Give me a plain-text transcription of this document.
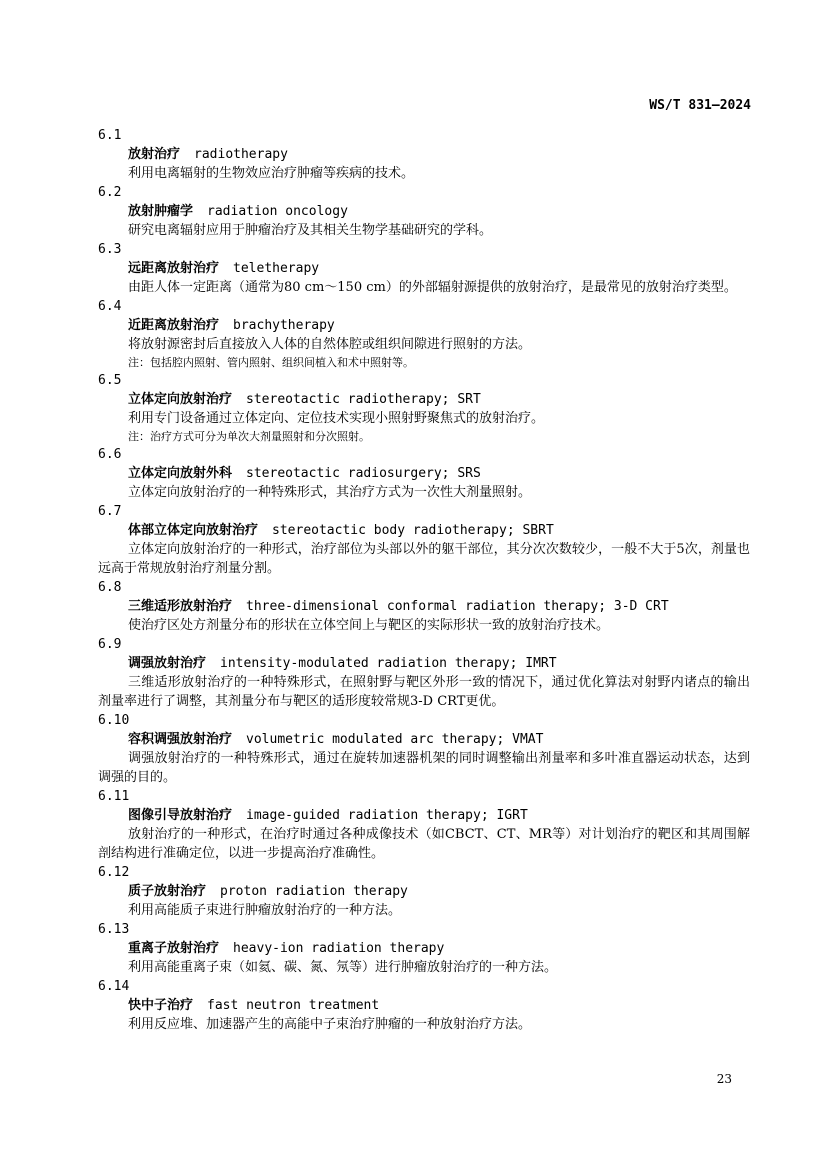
WS/T 831—2024
6.1
放射治疗 radiotherapy
利用电离辐射的生物效应治疗肿瘤等疾病的技术。
6.2
放射肿瘤学 radiation oncology
研究电离辐射应用于肿瘤治疗及其相关生物学基础研究的学科。
6.3
远距离放射治疗 teletherapy
由距人体一定距离（通常为80 cm～150 cm）的外部辐射源提供的放射治疗，是最常见的放射治疗类型。
6.4
近距离放射治疗 brachytherapy
将放射源密封后直接放入人体的自然体腔或组织间隙进行照射的方法。
注：包括腔内照射、管内照射、组织间植入和术中照射等。
6.5
立体定向放射治疗 stereotactic radiotherapy; SRT
利用专门设备通过立体定向、定位技术实现小照射野聚焦式的放射治疗。
注：治疗方式可分为单次大剂量照射和分次照射。
6.6
立体定向放射外科 stereotactic radiosurgery; SRS
立体定向放射治疗的一种特殊形式，其治疗方式为一次性大剂量照射。
6.7
体部立体定向放射治疗 stereotactic body radiotherapy; SBRT
立体定向放射治疗的一种形式，治疗部位为头部以外的躯干部位，其分次次数较少，一般不大于5次，剂量也远高于常规放射治疗剂量分割。
6.8
三维适形放射治疗 three-dimensional conformal radiation therapy; 3-D CRT
使治疗区处方剂量分布的形状在立体空间上与靶区的实际形状一致的放射治疗技术。
6.9
调强放射治疗 intensity-modulated radiation therapy; IMRT
三维适形放射治疗的一种特殊形式，在照射野与靶区外形一致的情况下，通过优化算法对射野内诸点的输出剂量率进行了调整，其剂量分布与靶区的适形度较常规3-D CRT更优。
6.10
容积调强放射治疗 volumetric modulated arc therapy; VMAT
调强放射治疗的一种特殊形式，通过在旋转加速器机架的同时调整输出剂量率和多叶准直器运动状态，达到调强的目的。
6.11
图像引导放射治疗 image-guided radiation therapy; IGRT
放射治疗的一种形式，在治疗时通过各种成像技术（如CBCT、CT、MR等）对计划治疗的靶区和其周围解剖结构进行准确定位，以进一步提高治疗准确性。
6.12
质子放射治疗 proton radiation therapy
利用高能质子束进行肿瘤放射治疗的一种方法。
6.13
重离子放射治疗 heavy-ion radiation therapy
利用高能重离子束（如氦、碳、氮、氖等）进行肿瘤放射治疗的一种方法。
6.14
快中子治疗 fast neutron treatment
利用反应堆、加速器产生的高能中子束治疗肿瘤的一种放射治疗方法。
23
